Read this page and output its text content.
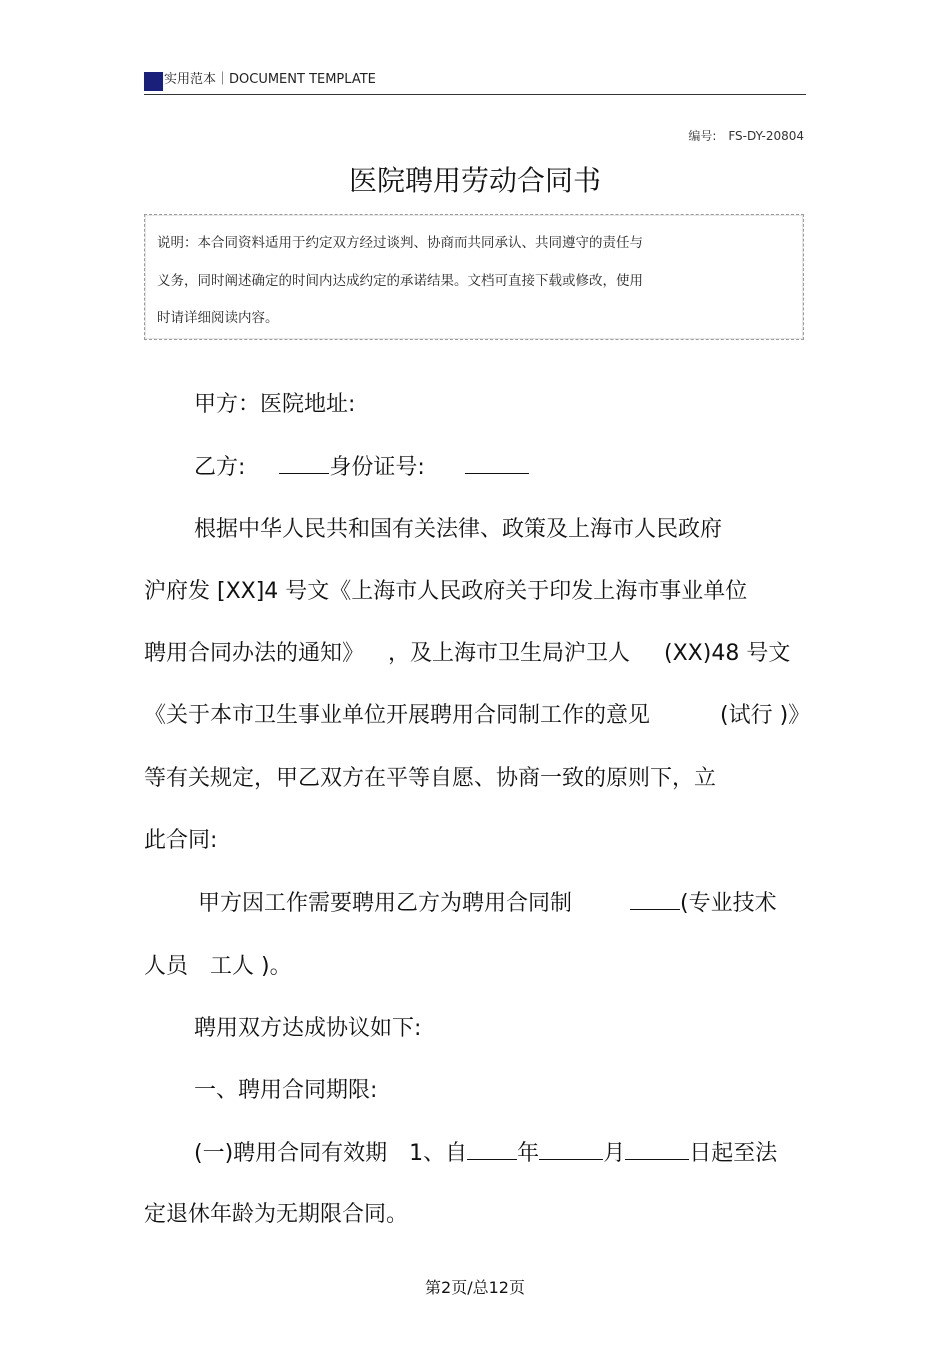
实用范本｜DOCUMENT TEMPLATE
编号: FS-DY-20804
医院聘用劳动合同书
说明：本合同资料适用于约定双方经过谈判、协商而共同承认、共同遵守的责任与
义务，同时阐述确定的时间内达成约定的承诺结果。文档可直接下载或修改，使用
时请详细阅读内容。
甲方：医院地址:
乙方:	身份证号:
根据中华人民共和国有关法律、政策及上海市人民政府
沪府发 [XX]4 号文《上海市人民政府关于印发上海市事业单位
聘用合同办法的通知》 ，及上海市卫生局沪卫人 (XX)48 号文
《关于本市卫生事业单位开展聘用合同制工作的意见	(试行 )》
等有关规定，甲乙双方在平等自愿、协商一致的原则下，立
此合同:
甲方因工作需要聘用乙方为聘用合同制	(专业技术
人员　工人 )。
聘用双方达成协议如下:
一、聘用合同期限:
(一)聘用合同有效期　1、自 年	月	日起至法
定退休年龄为无期限合同。
第2页/总12页
